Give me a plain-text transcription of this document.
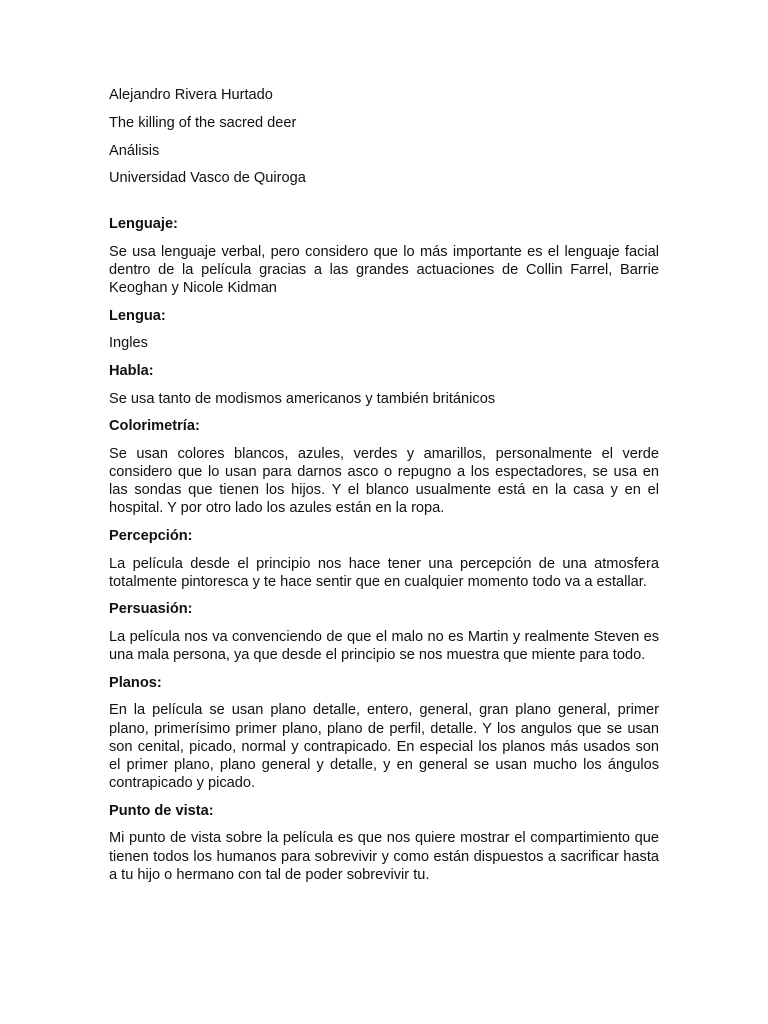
Alejandro Rivera Hurtado
The killing of the sacred deer
Análisis
Universidad Vasco de Quiroga
Lenguaje:
Se usa lenguaje verbal, pero considero que lo más importante es el lenguaje facial dentro de la película gracias a las grandes actuaciones de Collin Farrel, Barrie Keoghan y Nicole Kidman
Lengua:
Ingles
Habla:
Se usa tanto de modismos americanos y también británicos
Colorimetría:
Se usan colores blancos, azules, verdes y amarillos, personalmente el verde considero que lo usan para darnos asco o repugno a los espectadores, se usa en las sondas que tienen los hijos. Y el blanco usualmente está en la casa y en el hospital. Y por otro lado los azules están en la ropa.
Percepción:
La película desde el principio nos hace tener una percepción de una atmosfera totalmente pintoresca y te hace sentir que en cualquier momento todo va a estallar.
Persuasión:
La película nos va convenciendo de que el malo no es Martin y realmente Steven es una mala persona, ya que desde el principio se nos muestra que miente para todo.
Planos:
En la película se usan plano detalle, entero, general, gran plano general, primer plano, primerísimo primer plano, plano de perfil, detalle. Y los angulos que se usan son cenital, picado, normal y contrapicado. En especial los planos más usados son el primer plano, plano general y detalle, y en general se usan mucho los ángulos contrapicado y picado.
Punto de vista:
Mi punto de vista sobre la película es que nos quiere mostrar el compartimiento que tienen todos los humanos para sobrevivir y como están dispuestos a sacrificar hasta a tu hijo o hermano con tal de poder sobrevivir tu.
